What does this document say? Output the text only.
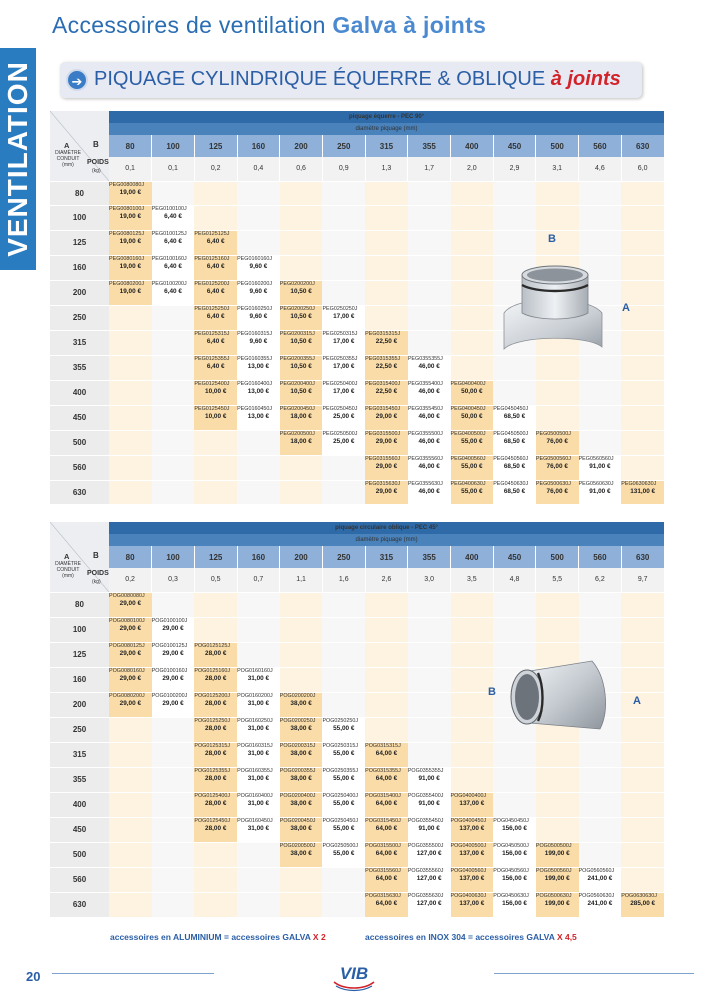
VENTILATION
Accessoires de ventilation Galva à joints
➔ PIQUAGE CYLINDRIQUE ÉQUERRE & OBLIQUE à joints
B
A
DIAMÈTRE CONDUIT (mm) POIDS
(kg)	piquage équerre - PEC 90°												
	diamètre piquage (mm)												
	80	100	125	160	200	250	315	355	400	450	500	560	630
	0,1	0,1	0,2	0,4	0,6	0,9	1,3	1,7	2,0	2,9	3,1	4,6	6,0
80	PEG0080080J
19,00 €												

100	PEG0080100J
19,00 €	PEG0100100J
6,40 €											

125	PEG0080125J
19,00 €	PEG0100125J
6,40 €	PEG0125125J
6,40 €										

160	PEG0080160J
19,00 €	PEG0100160J
6,40 €	PEG0125160J
6,40 €	PEG0160160J
9,60 €									

200	PEG0080200J
19,00 €	PEG0100200J
6,40 €	PEG0125200J
6,40 €	PEG0160200J
9,60 €	PEG0200200J
10,50 €								

250			PEG0125250J
6,40 €	PEG0160250J
9,60 €	PEG0200250J
10,50 €	PEG0250250J
17,00 €							

315			PEG0125315J
6,40 €	PEG0160315J
9,60 €	PEG0200315J
10,50 €	PEG0250315J
17,00 €	PEG0315315J
22,50 €						

355			PEG0125355J
6,40 €	PEG0160355J
13,00 €	PEG0200355J
10,50 €	PEG0250355J
17,00 €	PEG0315355J
22,50 €	PEG0355355J
46,00 €					

400			PEG0125400J
10,00 €	PEG0160400J
13,00 €	PEG0200400J
10,50 €	PEG0250400J
17,00 €	PEG0315400J
22,50 €	PEG0355400J
46,00 €	PEG0400400J
50,00 €				

450			PEG0125450J
10,00 €	PEG0160450J
13,00 €	PEG0200450J
18,00 €	PEG0250450J
25,00 €	PEG0315450J
29,00 €	PEG0355450J
46,00 €	PEG0400450J
50,00 €	PEG0450450J
68,50 €			

500					PEG0200500J
18,00 €	PEG0250500J
25,00 €	PEG0315500J
29,00 €	PEG0355500J
46,00 €	PEG0400500J
55,00 €	PEG0450500J
68,50 €	PEG0500500J
76,00 €		

560							PEG0315560J
29,00 €	PEG0355560J
46,00 €	PEG0400560J
55,00 €	PEG0450560J
68,50 €	PEG0500560J
76,00 €	PEG0560560J
91,00 €	

630							PEG0315630J
29,00 €	PEG0355630J
46,00 €	PEG0400630J
55,00 €	PEG0450630J
68,50 €	PEG0500630J
76,00 €	PEG0560630J
91,00 €	PEG0630630J
131,00 €
B
A
DIAMÈTRE CONDUIT (mm) POIDS
(kg)	piquage circulaire oblique - PEC 45°												
	diamètre piquage (mm)												
	80	100	125	160	200	250	315	355	400	450	500	560	630
	0,2	0,3	0,5	0,7	1,1	1,6	2,6	3,0	3,5	4,8	5,5	6,2	9,7
80	POG0080080J
29,00 €												

100	POG0080100J
29,00 €	POG0100100J
29,00 €											

125	POG0080125J
29,00 €	POG0100125J
29,00 €	POG0125125J
28,00 €										

160	POG0080160J
29,00 €	POG0100160J
29,00 €	POG0125160J
28,00 €	POG0160160J
31,00 €									

200	POG0080200J
29,00 €	POG0100200J
29,00 €	POG0125200J
28,00 €	POG0160200J
31,00 €	POG0200200J
38,00 €								

250			POG0125250J
28,00 €	POG0160250J
31,00 €	POG0200250J
38,00 €	POG0250250J
55,00 €							

315			POG0125315J
28,00 €	POG0160315J
31,00 €	POG0200315J
38,00 €	POG0250315J
55,00 €	POG0315315J
64,00 €						

355			POG0125355J
28,00 €	POG0160355J
31,00 €	POG0200355J
38,00 €	POG0250355J
55,00 €	POG0315355J
64,00 €	POG0355355J
91,00 €					

400			POG0125400J
28,00 €	POG0160400J
31,00 €	POG0200400J
38,00 €	POG0250400J
55,00 €	POG0315400J
64,00 €	POG0355400J
91,00 €	POG0400400J
137,00 €				

450			POG0125450J
28,00 €	POG0160450J
31,00 €	POG0200450J
38,00 €	POG0250450J
55,00 €	POG0315450J
64,00 €	POG0355450J
91,00 €	POG0400450J
137,00 €	POG0450450J
156,00 €			

500					POG0200500J
38,00 €	POG0250500J
55,00 €	POG0315500J
64,00 €	POG0355500J
127,00 €	POG0400500J
137,00 €	POG0450500J
156,00 €	POG0500500J
199,00 €		

560							POG0315560J
64,00 €	POG0355560J
127,00 €	POG0400560J
137,00 €	POG0450560J
156,00 €	POG0500560J
199,00 €	POG0560560J
241,00 €	

630							POG0315630J
64,00 €	POG0355630J
127,00 €	POG0400630J
137,00 €	POG0450630J
156,00 €	POG0500630J
199,00 €	POG0560630J
241,00 €	POG0630630J
285,00 €
B
A
B
A
accessoires en ALUMINIUM = accessoires GALVA X 2	accessoires en INOX 304 = accessoires GALVA X 4,5
20	VIB
